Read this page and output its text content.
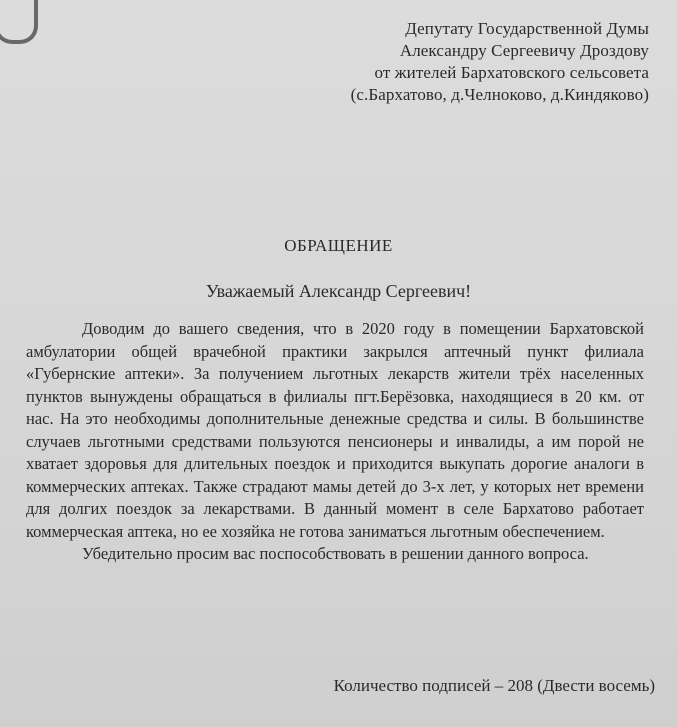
Депутату Государственной Думы
Александру Сергеевичу Дроздову
от жителей Бархатовского сельсовета
(с.Бархатово, д.Челноково, д.Киндяково)
ОБРАЩЕНИЕ
Уважаемый Александр Сергеевич!

Доводим до вашего сведения, что в 2020 году в помещении Бархатовской амбулатории общей врачебной практики закрылся аптечный пункт филиала «Губернские аптеки». За получением льготных лекарств жители трёх населенных пунктов вынуждены обращаться в филиалы пгт.Берёзовка, находящиеся в 20 км. от нас. На это необходимы дополнительные денежные средства и силы. В большинстве случаев льготными средствами пользуются пенсионеры и инвалиды, а им порой не хватает здоровья для длительных поездок и приходится выкупать дорогие аналоги в коммерческих аптеках. Также страдают мамы детей до 3-х лет, у которых нет времени для долгих поездок за лекарствами. В данный момент в селе Бархатово работает коммерческая аптека, но ее хозяйка не готова заниматься льготным обеспечением.

Убедительно просим вас поспособствовать в решении данного вопроса.

Количество подписей – 208 (Двести восемь)
